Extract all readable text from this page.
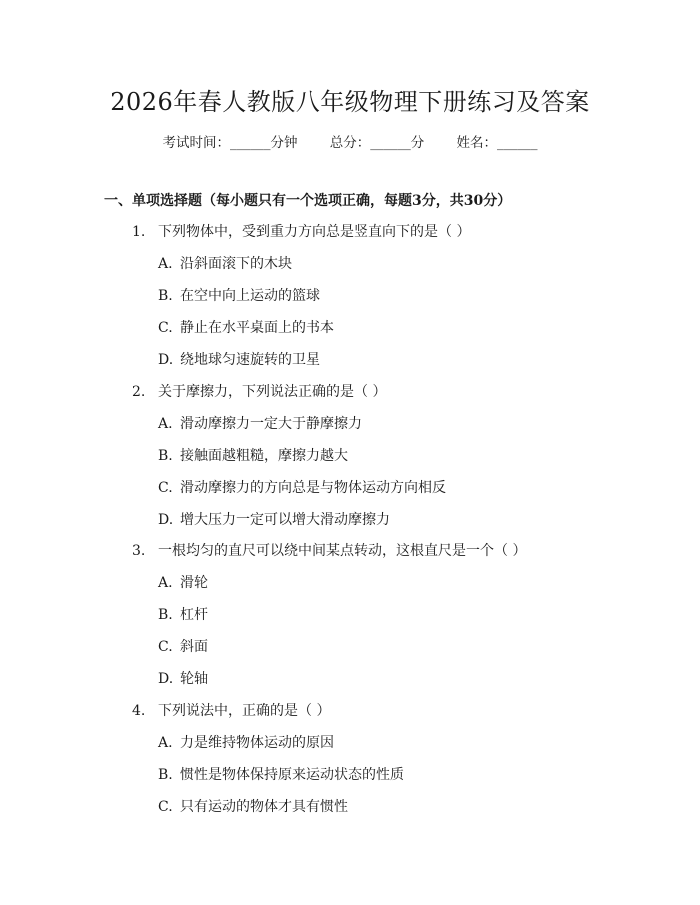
2026年春人教版八年级物理下册练习及答案
考试时间：______分钟 总分：______分 姓名：______
一、单项选择题（每小题只有一个选项正确，每题3分，共30分）
1. 下列物体中，受到重力方向总是竖直向下的是（ ）
A. 沿斜面滚下的木块
B. 在空中向上运动的篮球
C. 静止在水平桌面上的书本
D. 绕地球匀速旋转的卫星
2. 关于摩擦力，下列说法正确的是（ ）
A. 滑动摩擦力一定大于静摩擦力
B. 接触面越粗糙，摩擦力越大
C. 滑动摩擦力的方向总是与物体运动方向相反
D. 增大压力一定可以增大滑动摩擦力
3. 一根均匀的直尺可以绕中间某点转动，这根直尺是一个（ ）
A. 滑轮
B. 杠杆
C. 斜面
D. 轮轴
4. 下列说法中，正确的是（ ）
A. 力是维持物体运动的原因
B. 惯性是物体保持原来运动状态的性质
C. 只有运动的物体才具有惯性
